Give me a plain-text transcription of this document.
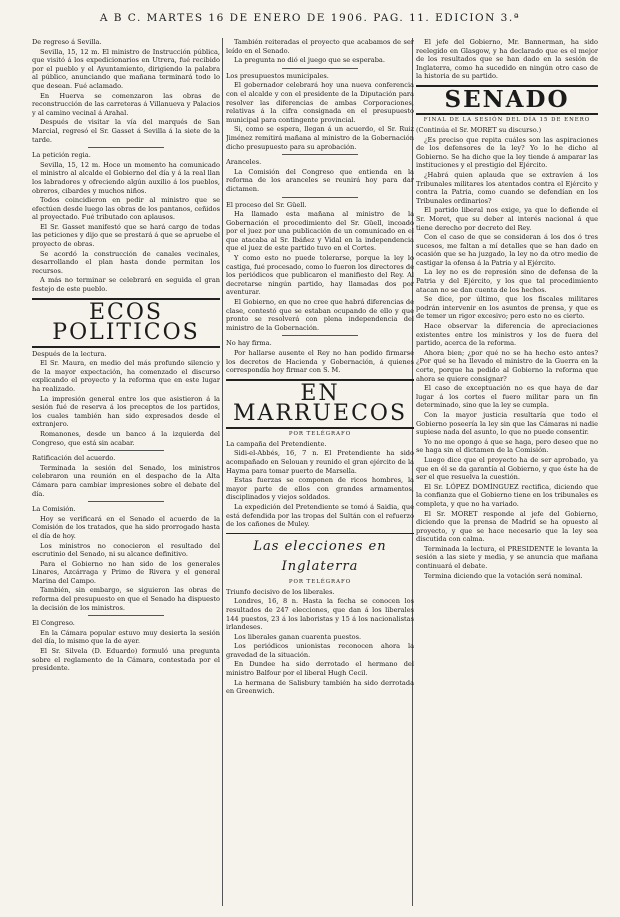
A B C. MARTES 16 DE ENERO DE 1906. PAG. 11. EDICION 3.ª

De regreso á Sevilla.

Sevilla, 15, 12 m. El ministro de Instrucción pública, que visitó á los expedicionarios en Utrera, fué recibido por el pueblo y el Ayuntamiento, dirigiendo la palabra al público, anunciando que mañana terminará todo lo que desean. Fué aclamado.

En Huerva se comenzaron las obras de reconstrucción de las carreteras á Villanueva y Palacios y al camino vecinal á Arahal.

Después de visitar la vía del marqués de San Marcial, regresó el Sr. Gasset á Sevilla á la siete de la tarde.

La petición regia.

Sevilla, 15, 12 m. Hoce un momento ha comunicado el ministro al alcalde el Gobierno del día y á la real llan los labradores y ofreciendo algún auxilio á los pueblos, obreros, cibardes y muchos niños.

Todos coincidieron en pedir al ministro que se efectúen desde luego las obras de los pantanos, ceñidos al proyectado. Fué tributado con aplausos.

El Sr. Gasset manifestó que se hará cargo de todas las peticiones y dijo que se prestará á que se apruebe el proyecto de obras.

Se acordó la construcción de canales vecinales, desarrollando el plan hasta donde permitan los recursos.

A más no terminar se celebrará en seguida el gran festejo de este pueblo.

ECOS POLITICOS

Después de la lectura.

El Sr. Maura, en medio del más profundo silencio y de la mayor expectación, ha comenzado el discurso explicando el proyecto y la reforma que en este lugar ha realizado.

La impresión general entre los que asistieron á la sesión fué de reserva á los preceptos de los partidos, los cuales también han sido expresados desde el extranjero.

Romanones, desde un banco á la izquierda del Congreso, que está sin acabar.

Ratificación del acuerdo.

Terminada la sesión del Senado, los ministros celebraron una reunión en el despacho de la Alta Cámara para cambiar impresiones sobre el debate del día.

La Comisión.

Hoy se verificará en el Senado el acuerdo de la Comisión de los tratados, que ha sido prorrogado hasta el día de hoy.

Los ministros no conocieron el resultado del escrutinio del Senado, ni su alcance definitivo.

Para el Gobierno no han sido de los generales Linares, Azcárraga y Primo de Rivera y el general Marina del Campo.

También, sin embargo, se siguieron las obras de reforma del presupuesto en que el Senado ha dispuesto la decisión de los ministros.

El Congreso.

En la Cámara popular estuvo muy desierta la sesión del día, lo mismo que la de ayer.

El Sr. Silvela (D. Eduardo) formuló una pregunta sobre el reglamento de la Cámara, contestada por el presidente.

También reiteradas el proyecto que acabamos de ser leído en el Senado.

La pregunta no dió el juego que se esperaba.

Los presupuestos municipales.

El gobernador celebrará hoy una nueva conferencia con el alcalde y con el presidente de la Diputación para resolver las diferencias de ambas Corporaciones, relativas á la cifra consignada en el presupuesto municipal para contingente provincial.

Si, como se espera, llegan á un acuerdo, el Sr. Ruiz Jiménez remitirá mañana al ministro de la Gobernación dicho presupuesto para su aprobación.

Aranceles.

La Comisión del Congreso que entienda en la reforma de los aranceles se reunirá hoy para dar dictamen.

El proceso del Sr. Güell.

Ha llamado esta mañana al ministro de la Gobernación el procedimiento del Sr. Güell, incoado por el juez por una publicación de un comunicado en el que atacaba al Sr. Ibáñez y Vidal en la independencia que el juez de este partido tuvo en el Cortes.

Y como esto no puede tolerarse, porque la ley lo castiga, fué procesado, como lo fueron los directores de los periódicos que publicaron el manifiesto del Rey. Al decretarse ningún partido, hay llamadas dos por aventurar.

El Gobierno, en que no cree que habrá diferencias de clase, contestó que se estaban ocupando de ello y que pronto se resolverá con plena independencia del ministro de la Gobernación.

No hay firma.

Por hallarse ausente el Rey no han podido firmarse los decretos de Hacienda y Gobernación, á quienes correspondía hoy firmar con S. M.

EN MARRUECOS
POR TELÉGRAFO

La campaña del Pretendiente.

Sidi-el-Abbés, 16, 7 n. El Pretendiente ha sido acompañado en Selouan y reunido el gran ejército de la Hayma para tomar puerto de Marsella.

Estas fuerzas se componen de ricos hombres, la mayor parte de ellos con grandes armamentos, disciplinados y viejos soldados.

La expedición del Pretendiente se tomó á Saidia, que está defendida por las tropas del Sultán con el refuerzo de los cañones de Muley.

Las elecciones en Inglaterra
POR TELÉGRAFO

Triunfo decisivo de los liberales.

Londres, 16, 8 n. Hasta la fecha se conocen los resultados de 247 elecciones, que dan á los liberales 144 puestos, 23 á los laboristas y 15 á los nacionalistas irlandeses.

Los liberales ganan cuarenta puestos.

Los periódicos unionistas reconocen ahora la gravedad de la situación.

En Dundee ha sido derrotado el hermano del ministro Balfour por el liberal Hugh Cecil.

La hermana de Salisbury también ha sido derrotada en Greenwich.

El jefe del Gobierno, Mr. Bannerman, ha sido reelegido en Glasgow, y ha declarado que es el mejor de los resultados que se han dado en la sesión de Inglaterra, como ha sucedido en ningún otro caso de la historia de su partido.

SENADO
FINAL DE LA SESIÓN DEL DÍA 15 DE ENERO

(Continúa el Sr. MORET su discurso.)

¿Es preciso que repita cuáles son las aspiraciones de los defensores de la ley? Yo lo he dicho al Gobierno. Se ha dicho que la ley tiende á amparar las instituciones y el prestigio del Ejército.

¿Habrá quien aplauda que se extravíen á los Tribunales militares los atentados contra el Ejército y contra la Patria, como cuando se defendían en los Tribunales ordinarios?

El partido liberal nos exige, ya que lo defiende el Sr. Moret, que su deber al interés nacional á que tiene derecho por decreto del Rey.

Con el caso de que se consideran á los dos ó tres sucesos, me faltan a mí detalles que se han dado en ocasión que se ha juzgado, la ley no da otro medio de castigar la ofensa á la Patria y al Ejército.

La ley no es de represión sino de defensa de la Patria y del Ejército, y los que tal procedimiento atacan no se dan cuenta de los hechos.

Se dice, por último, que los fiscales militares podrán intervenir en los asuntos de prensa, y que es de temer un rigor excesivo; pero esto no es cierto.

Hace observar la diferencia de apreciaciones existentes entre los ministros y los de fuera del partido, acerca de la reforma.

Ahora bien; ¿por qué no se ha hecho esto antes? ¿Por qué se ha llevado el ministro de la Guerra en la corte, porque ha pedido al Gobierno la reforma que ahora se quiere consignar?

El caso de exceptuación no es que haya de dar lugar á los cortes el fuero militar para un fin determinado, sino que la ley se cumpla.

Con la mayor justicia resultaría que todo el Gobierno poseería la ley sin que las Cámaras ni nadie supiese nada del asunto, lo que no puede consentir.

Yo no me opongo á que se haga, pero deseo que no se haga sin el dictamen de la Comisión.

Luego dice que el proyecto ha de ser aprobado, ya que en él se da garantía al Gobierno, y que éste ha de ser el que resuelva la cuestión.

El Sr. LÓPEZ DOMÍNGUEZ rectifica, diciendo que la confianza que el Gobierno tiene en los tribunales es completa, y que no ha variado.

El Sr. MORET responde al jefe del Gobierno, diciendo que la prensa de Madrid se ha opuesto al proyecto, y que se hace necesario que la ley sea discutida con calma.

Terminada la lectura, el PRESIDENTE le levanta la sesión a las siete y media, y se anuncia que mañana continuará el debate.

Termina diciendo que la votación será nominal.
